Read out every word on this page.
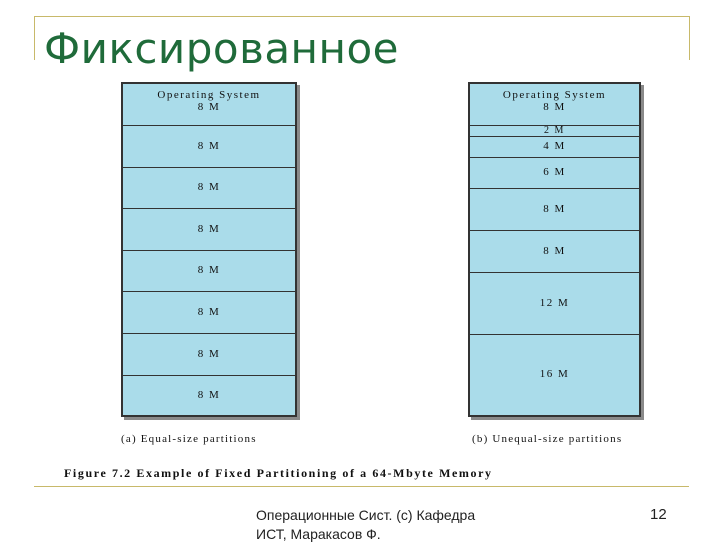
Фиксированное
Operating System
8 M
8 M
8 M
8 M
8 M
8 M
8 M
8 M
Operating System
8 M
2 M
4 M
6 M
8 M
8 M
12 M
16 M
(a) Equal-size partitions	(b) Unequal-size partitions
Figure 7.2 Example of Fixed Partitioning of a 64-Mbyte Memory
Операционные Сист. (с) Кафедра ИСТ, Маракасов Ф.
12
